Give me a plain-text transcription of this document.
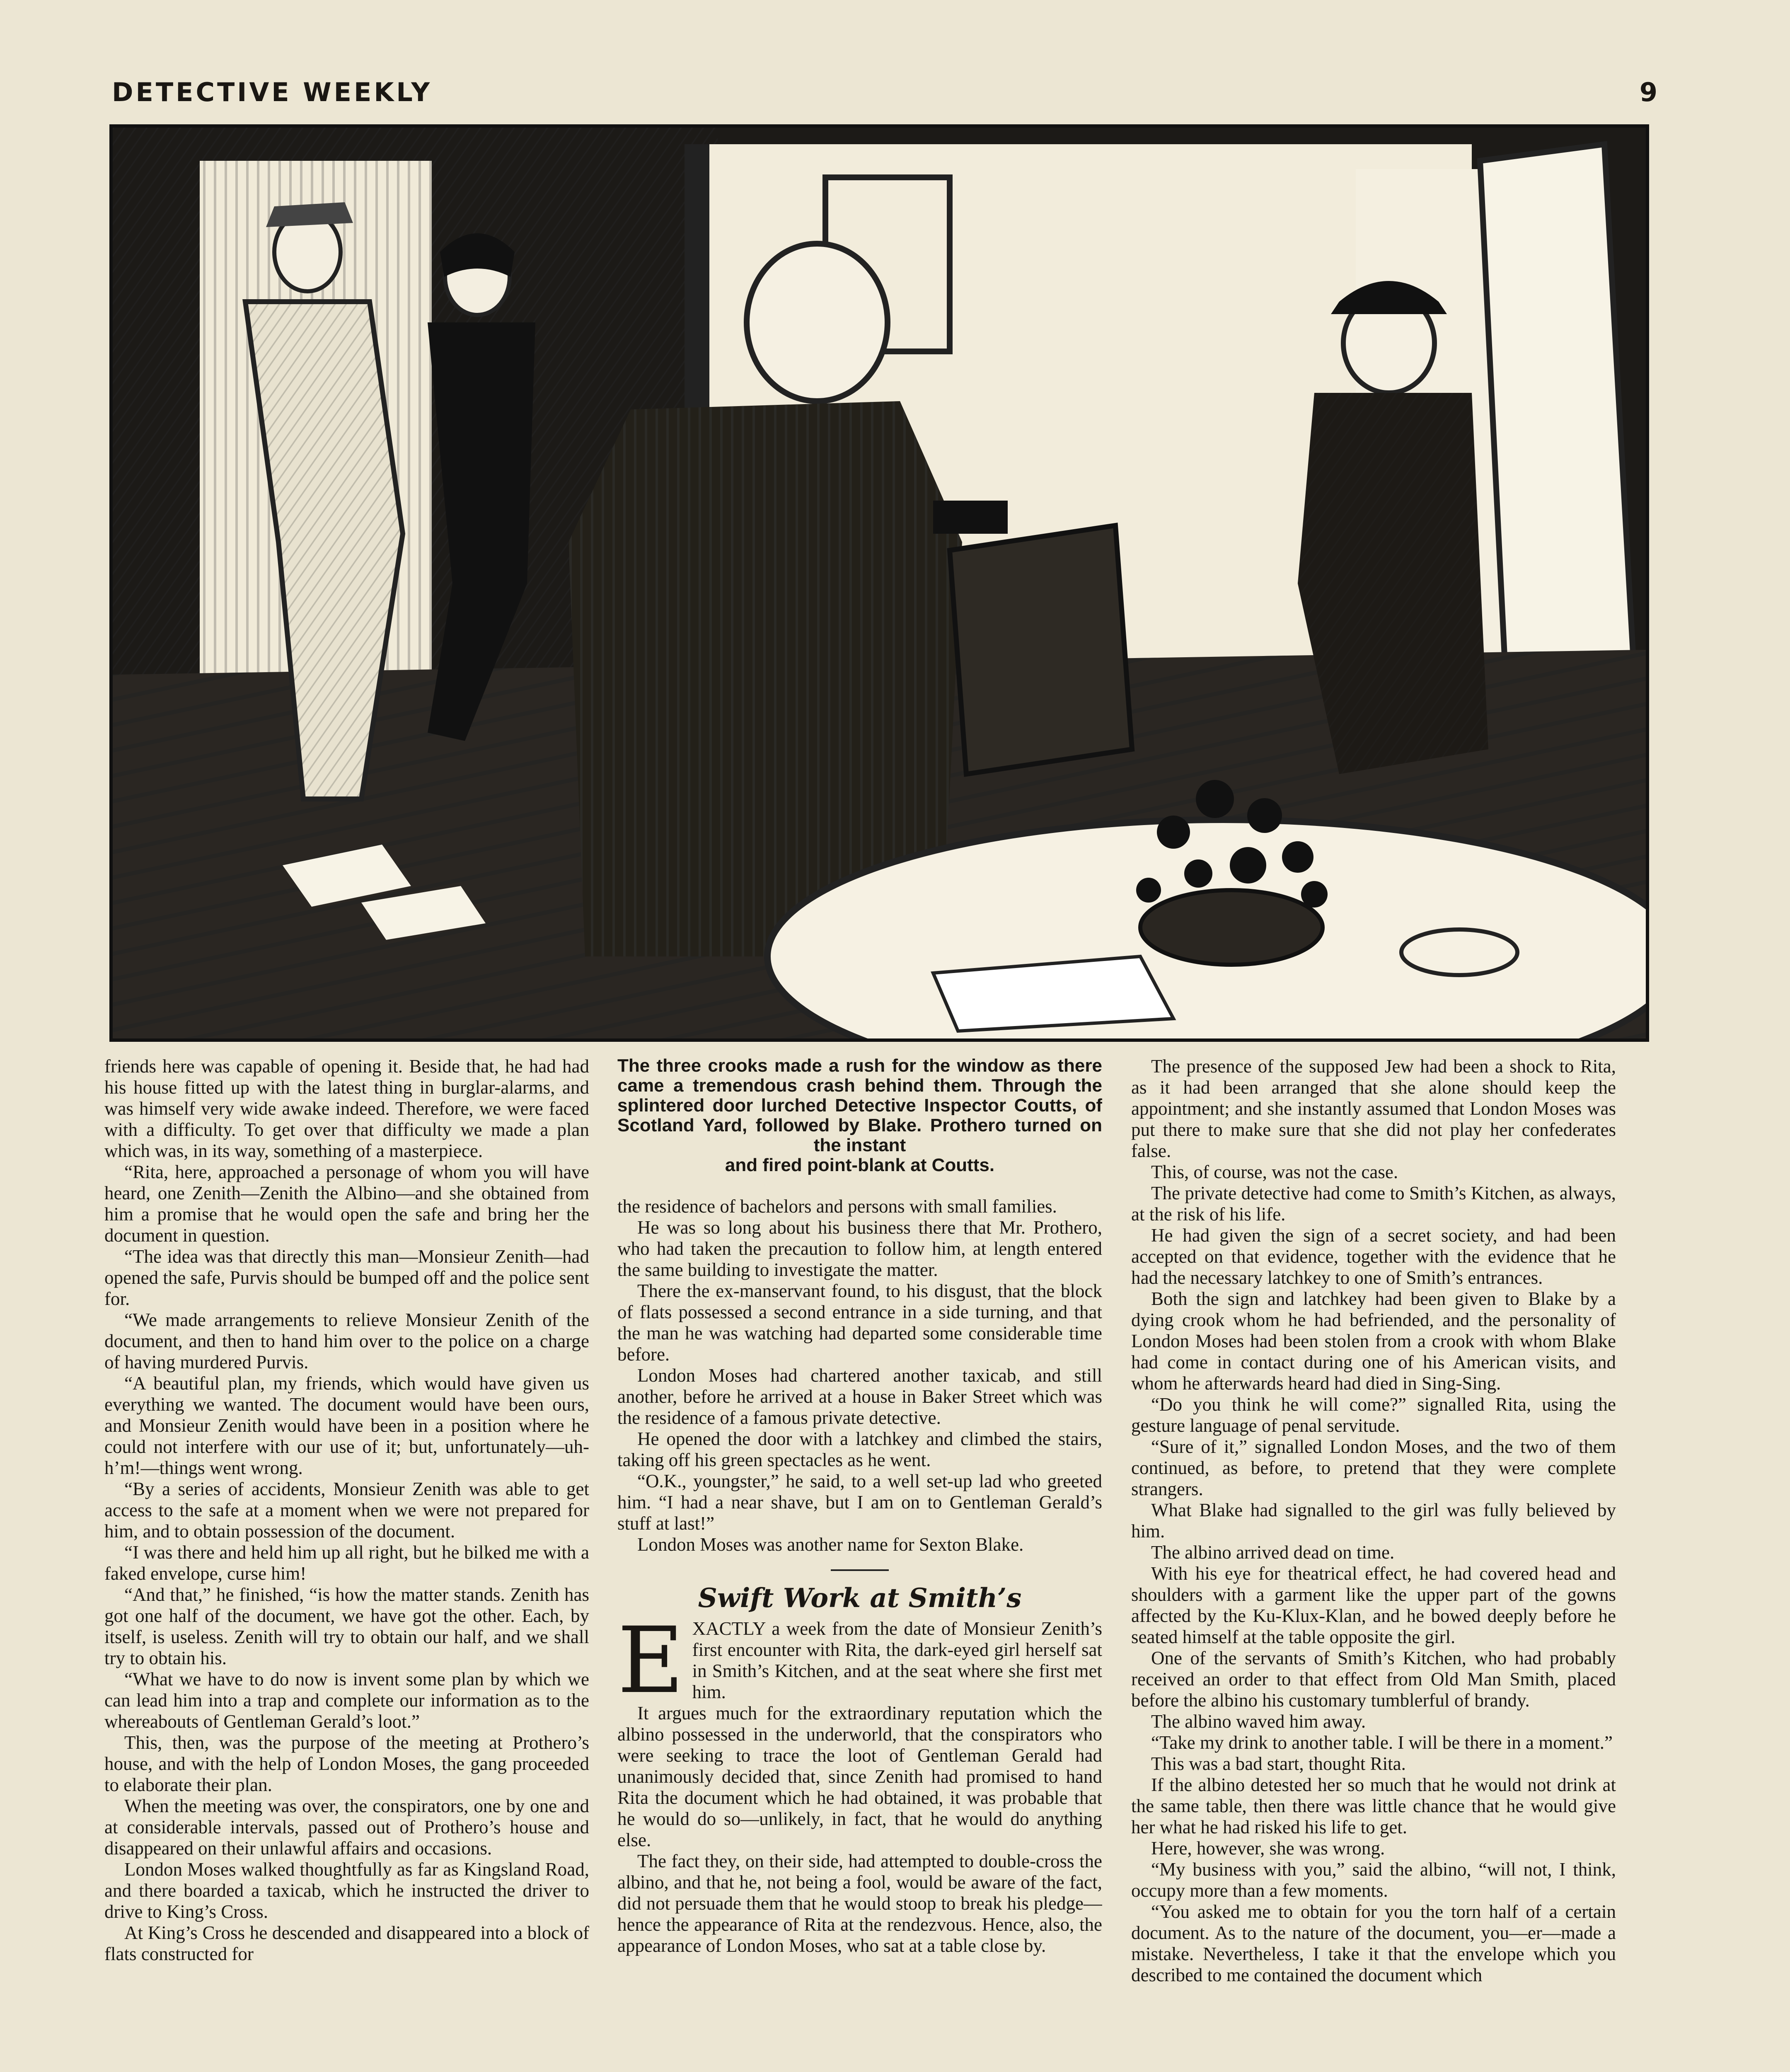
DETECTIVE WEEKLY	9

friends here was capable of opening it. Beside that, he had had his house fitted up with the latest thing in burglar-alarms, and was himself very wide awake indeed. Therefore, we were faced with a difficulty. To get over that difficulty we made a plan which was, in its way, something of a masterpiece.

“Rita, here, approached a personage of whom you will have heard, one Zenith—Zenith the Albino—and she obtained from him a promise that he would open the safe and bring her the document in question.

“The idea was that directly this man—Monsieur Zenith—had opened the safe, Purvis should be bumped off and the police sent for.

“We made arrangements to relieve Monsieur Zenith of the document, and then to hand him over to the police on a charge of having murdered Purvis.

“A beautiful plan, my friends, which would have given us everything we wanted. The document would have been ours, and Monsieur Zenith would have been in a position where he could not interfere with our use of it; but, unfortunately—uh-h’m!—things went wrong.

“By a series of accidents, Monsieur Zenith was able to get access to the safe at a moment when we were not prepared for him, and to obtain possession of the document.

“I was there and held him up all right, but he bilked me with a faked envelope, curse him!

“And that,” he finished, “is how the matter stands. Zenith has got one half of the document, we have got the other. Each, by itself, is useless. Zenith will try to obtain our half, and we shall try to obtain his.

“What we have to do now is invent some plan by which we can lead him into a trap and complete our information as to the whereabouts of Gentleman Gerald’s loot.”

This, then, was the purpose of the meeting at Prothero’s house, and with the help of London Moses, the gang proceeded to elaborate their plan.

When the meeting was over, the conspirators, one by one and at considerable intervals, passed out of Prothero’s house and disappeared on their unlawful affairs and occasions.

London Moses walked thoughtfully as far as Kingsland Road, and there boarded a taxicab, which he instructed the driver to drive to King’s Cross.

At King’s Cross he descended and disappeared into a block of flats constructed for

The three crooks made a rush for the window as there came a tremendous crash behind them. Through the splintered door lurched Detective Inspector Coutts, of Scotland Yard, followed by Blake. Prothero turned on the instant
and fired point-blank at Coutts.

the residence of bachelors and persons with small families.

He was so long about his business there that Mr. Prothero, who had taken the precaution to follow him, at length entered the same building to investigate the matter.

There the ex-manservant found, to his disgust, that the block of flats possessed a second entrance in a side turning, and that the man he was watching had departed some considerable time before.

London Moses had chartered another taxicab, and still another, before he arrived at a house in Baker Street which was the residence of a famous private detective.

He opened the door with a latchkey and climbed the stairs, taking off his green spectacles as he went.

“O.K., youngster,” he said, to a well set-up lad who greeted him. “I had a near shave, but I am on to Gentleman Gerald’s stuff at last!”

London Moses was another name for Sexton Blake.

Swift Work at Smith’s

EXACTLY a week from the date of Monsieur Zenith’s first encounter with Rita, the dark-eyed girl herself sat in Smith’s Kitchen, and at the seat where she first met him.

It argues much for the extraordinary reputation which the albino possessed in the underworld, that the conspirators who were seeking to trace the loot of Gentleman Gerald had unanimously decided that, since Zenith had promised to hand Rita the document which he had obtained, it was probable that he would do so—unlikely, in fact, that he would do anything else.

The fact they, on their side, had attempted to double-cross the albino, and that he, not being a fool, would be aware of the fact, did not persuade them that he would stoop to break his pledge—hence the appearance of Rita at the rendezvous. Hence, also, the appearance of London Moses, who sat at a table close by.

The presence of the supposed Jew had been a shock to Rita, as it had been arranged that she alone should keep the appointment; and she instantly assumed that London Moses was put there to make sure that she did not play her confederates false.

This, of course, was not the case.

The private detective had come to Smith’s Kitchen, as always, at the risk of his life.

He had given the sign of a secret society, and had been accepted on that evidence, together with the evidence that he had the necessary latchkey to one of Smith’s entrances.

Both the sign and latchkey had been given to Blake by a dying crook whom he had befriended, and the personality of London Moses had been stolen from a crook with whom Blake had come in contact during one of his American visits, and whom he afterwards heard had died in Sing-Sing.

“Do you think he will come?” signalled Rita, using the gesture language of penal servitude.

“Sure of it,” signalled London Moses, and the two of them continued, as before, to pretend that they were complete strangers.

What Blake had signalled to the girl was fully believed by him.

The albino arrived dead on time.

With his eye for theatrical effect, he had covered head and shoulders with a garment like the upper part of the gowns affected by the Ku-Klux-Klan, and he bowed deeply before he seated himself at the table opposite the girl.

One of the servants of Smith’s Kitchen, who had probably received an order to that effect from Old Man Smith, placed before the albino his customary tumblerful of brandy.

The albino waved him away.

“Take my drink to another table. I will be there in a moment.”

This was a bad start, thought Rita.

If the albino detested her so much that he would not drink at the same table, then there was little chance that he would give her what he had risked his life to get.

Here, however, she was wrong.

“My business with you,” said the albino, “will not, I think, occupy more than a few moments.

“You asked me to obtain for you the torn half of a certain document. As to the nature of the document, you—er—made a mistake. Nevertheless, I take it that the envelope which you described to me contained the document which
